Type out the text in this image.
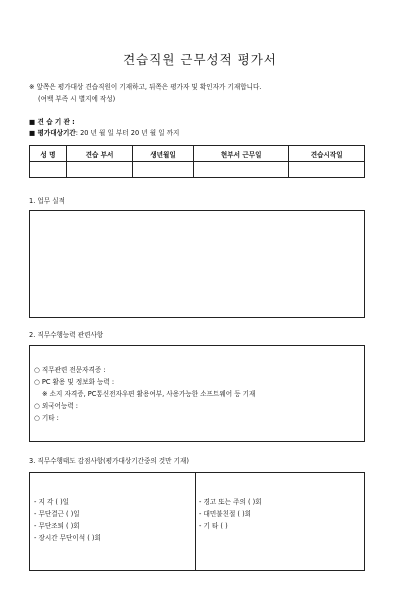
견습직원 근무성적 평가서
※ 앞쪽은 평가대상 견습직원이 기재하고, 뒤쪽은 평가자 및 확인자가 기재합니다.
(여백 부족 시 별지에 작성)
■ 견 습 기 관 :
■ 평가대상기간: 20 년 월 일 부터 20 년 월 일 까지
성 명	견습 부서	생년월일	현부서 근무일	견습시작일

1. 업무 실적
2. 직무수행능력 관련사항
○ 직무관련 전문자격증 :
○ PC 활용 및 정보화 능력 :
※ 소지 자격증, PC통신전자우편 활용여부, 사용가능한 소프트웨어 등 기재
○ 외국어능력 :
○ 기타 :
3. 직무수행태도 감점사항(평가대상기간중의 것만 기재)
- 지 각 ( )일
- 무단결근 ( )일
- 무단조퇴 ( )회
- 장시간 무단이석 ( )회
- 경고 또는 주의 ( )회
- 대민불친절 ( )회
- 기 타 ( )
